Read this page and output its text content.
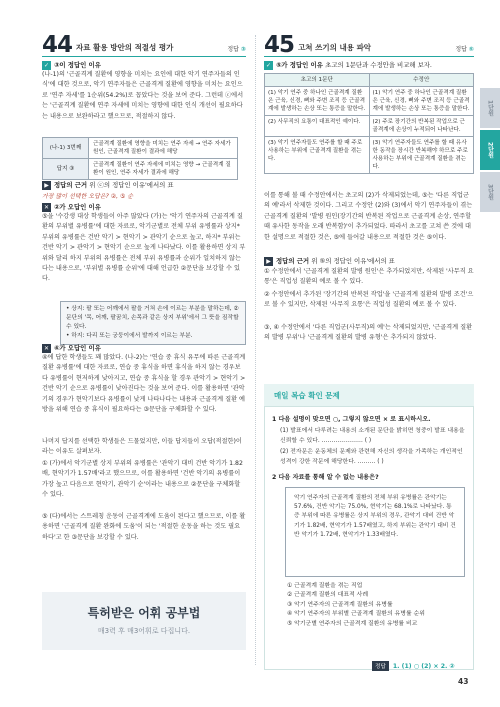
1단원
2단원
3단원
44 자료 활용 방안의 적절성 평가	정답 ③
✓ ③이 정답인 이유
(나-1)의 '근골격계 질환에 영향을 미치는 요인에 대한 악기 연주자들의 인식'에 대한 것으로, 악기 연주자들은 근골격계 질환에 영향을 미치는 요인으로 '연주 자세'를 1순위(54.2%)로 꼽았다는 것을 보여 준다. 그런데 ⓒ에서는 '근골격계 질환에 연주 자세에 미치는 영향에 대한 인식 개선이 필요하다는 내용으로 보완하라고 했으므로, 적절하지 않다.
(나-1) 3번째	근골격계 질환에 영향을 미치는 연주 자세 → 연주 자세가 원인, 근골격계 질환이 결과에 해당
답지 ③	근골격계 질환이 연주 자세에 미치는 영향 → 근골격계 질환이 원인, 연주 자세가 결과에 해당
▶ 정답의 근거 위 ⓒ의 정답인 이유'에서의 표
가장 많이 선택한 오답은? ②, ⑤ 순
✕ ②가 오답인 이유
⑤을 '수강생 대상 학생들이 아주 많았다 (가)는 '악기 연주자의 근골격계 질환의 부위별 유병률'에 대한 자료로, 악기군별로 전체 부위 유병률과 상지* 부위의 유병률은 건반 악기 > 현악기 > 관악기 순으로 높고, 하지* 부위는 건반 악기 > 관악기 > 현악기 순으로 높게 나타났다. 이를 활용하면 상지 부위와 달리 하지 부위의 유병률은 전체 부위 유병률과 순위가 일치하지 않는다는 내용으로, '부위별 유병률 순위'에 대해 언급한 ②문단을 보강할 수 있다.
• 상지: 팔 또는 어깨에서 팔을 거쳐 손에 이르는 부분을 말하는데, ②문단의 '목, 어깨, 팔꿈치, 손목과 같은 상지 부위'에서 그 뜻을 짐작할 수 있다.
• 하지: 다리 또는 궁둥이에서 발까지 이르는 부분.
✕ ④가 오답인 이유
④에 답한 학생들도 꽤 많았다. (나-2)는 '연습 중 휴식 유무에 따른 근골격계 질환 유병률'에 대한 자료로, 연습 중 휴식을 하면 휴식을 하지 않는 경우보다 유병률이 현저하게 낮아지고, 연습 중 휴식을 할 경우 관악기 > 현악기 > 건반 악기 순으로 유병률이 낮아진다는 것을 보여 준다. 이를 활용하면 '관악기의 경우가 현악기보다 유병률이 낮게 나타나다는 내용과 근골격계 질환 예방을 위해 연습 중 휴식이 필요하다는 ③문단을 구체화할 수 있다.
나머지 답지를 선택한 학생들은 드물었지만, 이들 답지들이 오답(적절한)이라는 이유도 살펴보자.
① (가)에서 악기군별 상지 부위의 유병률은 '관악기 대비 건반 악기가 1.82배, 현악기가 1.57배'라고 했으므로, 이를 활용하면 '건반 악기의 유병률이 가장 높고 다음으로 현악기, 관악기 순'이라는 내용으로 ②문단을 구체화할 수 있다.
⑤ (다)에서는 스트레칭 운동이 근골격계에 도움이 된다고 했으므로, 이를 활용하면 '근골격계 질환 완화에 도움'이 되는 '적절한 운동을 하는 것도 필요하다'고 한 ③문단을 보강할 수 있다.
특허받은 어휘 공부법
매3력 후 매3어휘로 다집니다.
45 고쳐 쓰기의 내용 파악	정답 ⑤
✓ ⑤가 정답인 이유 초고의 1문단과 수정안을 비교해 보자.
초고의 1문단	수정안
(1) 악기 연주 중 하나인 근골격계 질환은 근육, 신경, 뼈와 주변 조직 등 근골격계에 발생하는 손상 또는 통증을 말한다.	(1) 악기 연주 중 하나인 근골격계 질환은 근육, 신경, 뼈와 주변 조직 등 근골격계에 발생하는 손상 또는 통증을 말한다.
(2) 사무직의 요통이 대표적인 예이다.	(2) 주로 장기간의 반복된 작업으로 근골격계에 손상이 누적되어 나타난다.
(3) 악기 연주자들도 연주를 할 때 주로 사용하는 부위에 근골격계 질환을 겪는다.	(3) 악기 연주자들도 연주를 할 때 유사한 동작을 장시간 반복해야 하므로 주로 사용하는 부위에 근골격계 질환을 겪는다.
이를 통해 볼 때 수정안에서는 초고의 (2)가 삭제되었는데, ⑤는 '다른 직업군의 예'라서 삭제한 것이다. 그리고 수정안 (2)와 (3)에서 악기 연주자들이 겪는 근골격계 질환의 '발병 원인(장기간의 반복된 작업으로 근골격계 손상, 연주할 때 유사한 동작을 오래 반복함)'이 추가되었다. 따라서 초고를 고쳐 쓴 것에 대한 설명으로 적절한 것은, ⑤에 들어갈 내용으로 적절한 것은 ⑤이다.
▶ 정답의 근거 위 ⑤의 정답인 이유'에서의 표
① 수정안에서 '근골격계 질환의 발병 원인'은 추가되었지만, 삭제된 '사무직 요통'은 직업성 질환의 예로 볼 수 있다.
② 수정안에서 추가된 '장기간의 반복된 작업'을 '근골격계 질환의 발병 조건'으로 볼 수 있지만, 삭제된 '사무직 요통'은 직업성 질환의 예로 볼 수 있다.
③, ④ 수정안에서 '다른 직업군(사무직)의 예'는 삭제되었지만, '근골격계 질환의 발병 부위'나 '근골격계 질환의 발병 유형'은 추가되지 않았다.
매일 복습 확인 문제
1 다음 설명이 맞으면 ○, 그렇지 않으면 × 로 표시하시오.
(1) 발표에서 다루려는 내용의 소개된 문단을 밝히면 청중이 발표 내용을 신뢰할 수 있다. ………………… ( )
(2) 전자문은 운동체의 문제와 관련해 자신의 생각을 가족하는 개인적인 성격이 강한 작문에 해당한다. ……… ( )
2 다음 자료를 통해 알 수 없는 내용은?
악기 연주자의 근골격계 질환의 전체 부위 유병률은 관악기는 57.6%, 건반 악기는 75.0%, 현악기는 68.1%로 나타났다. 통증 부위에 따른 유병률은 상지 부위의 경우, 관악기 대비 건반 악기가 1.82배, 현악기가 1.57배였고, 하지 부위는 관악기 대비 건반 악기가 1.72배, 현악기가 1.33배였다.
① 근골격계 질환을 겪는 직업
② 근골격계 질환의 대표적 사례
③ 악기 연주자의 근골격계 질환의 유병률
④ 악기 연주자의 부위별 근골격계 질환의 유병률 순위
⑤ 악기군별 연주자의 근골격계 질환의 유병률 비교
정답 1. (1) ○ (2) × 2. ②
43
